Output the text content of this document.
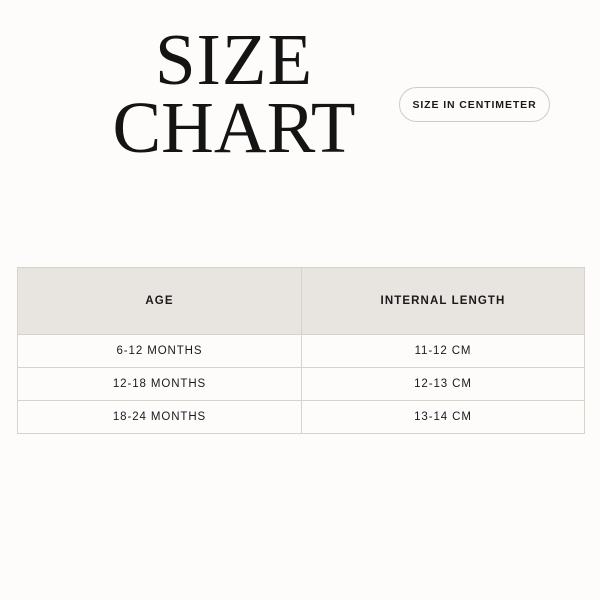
SIZE
CHART	SIZE IN CENTIMETER
AGE	INTERNAL LENGTH
6-12 MONTHS	11-12 CM
12-18 MONTHS	12-13 CM
18-24 MONTHS	13-14 CM
